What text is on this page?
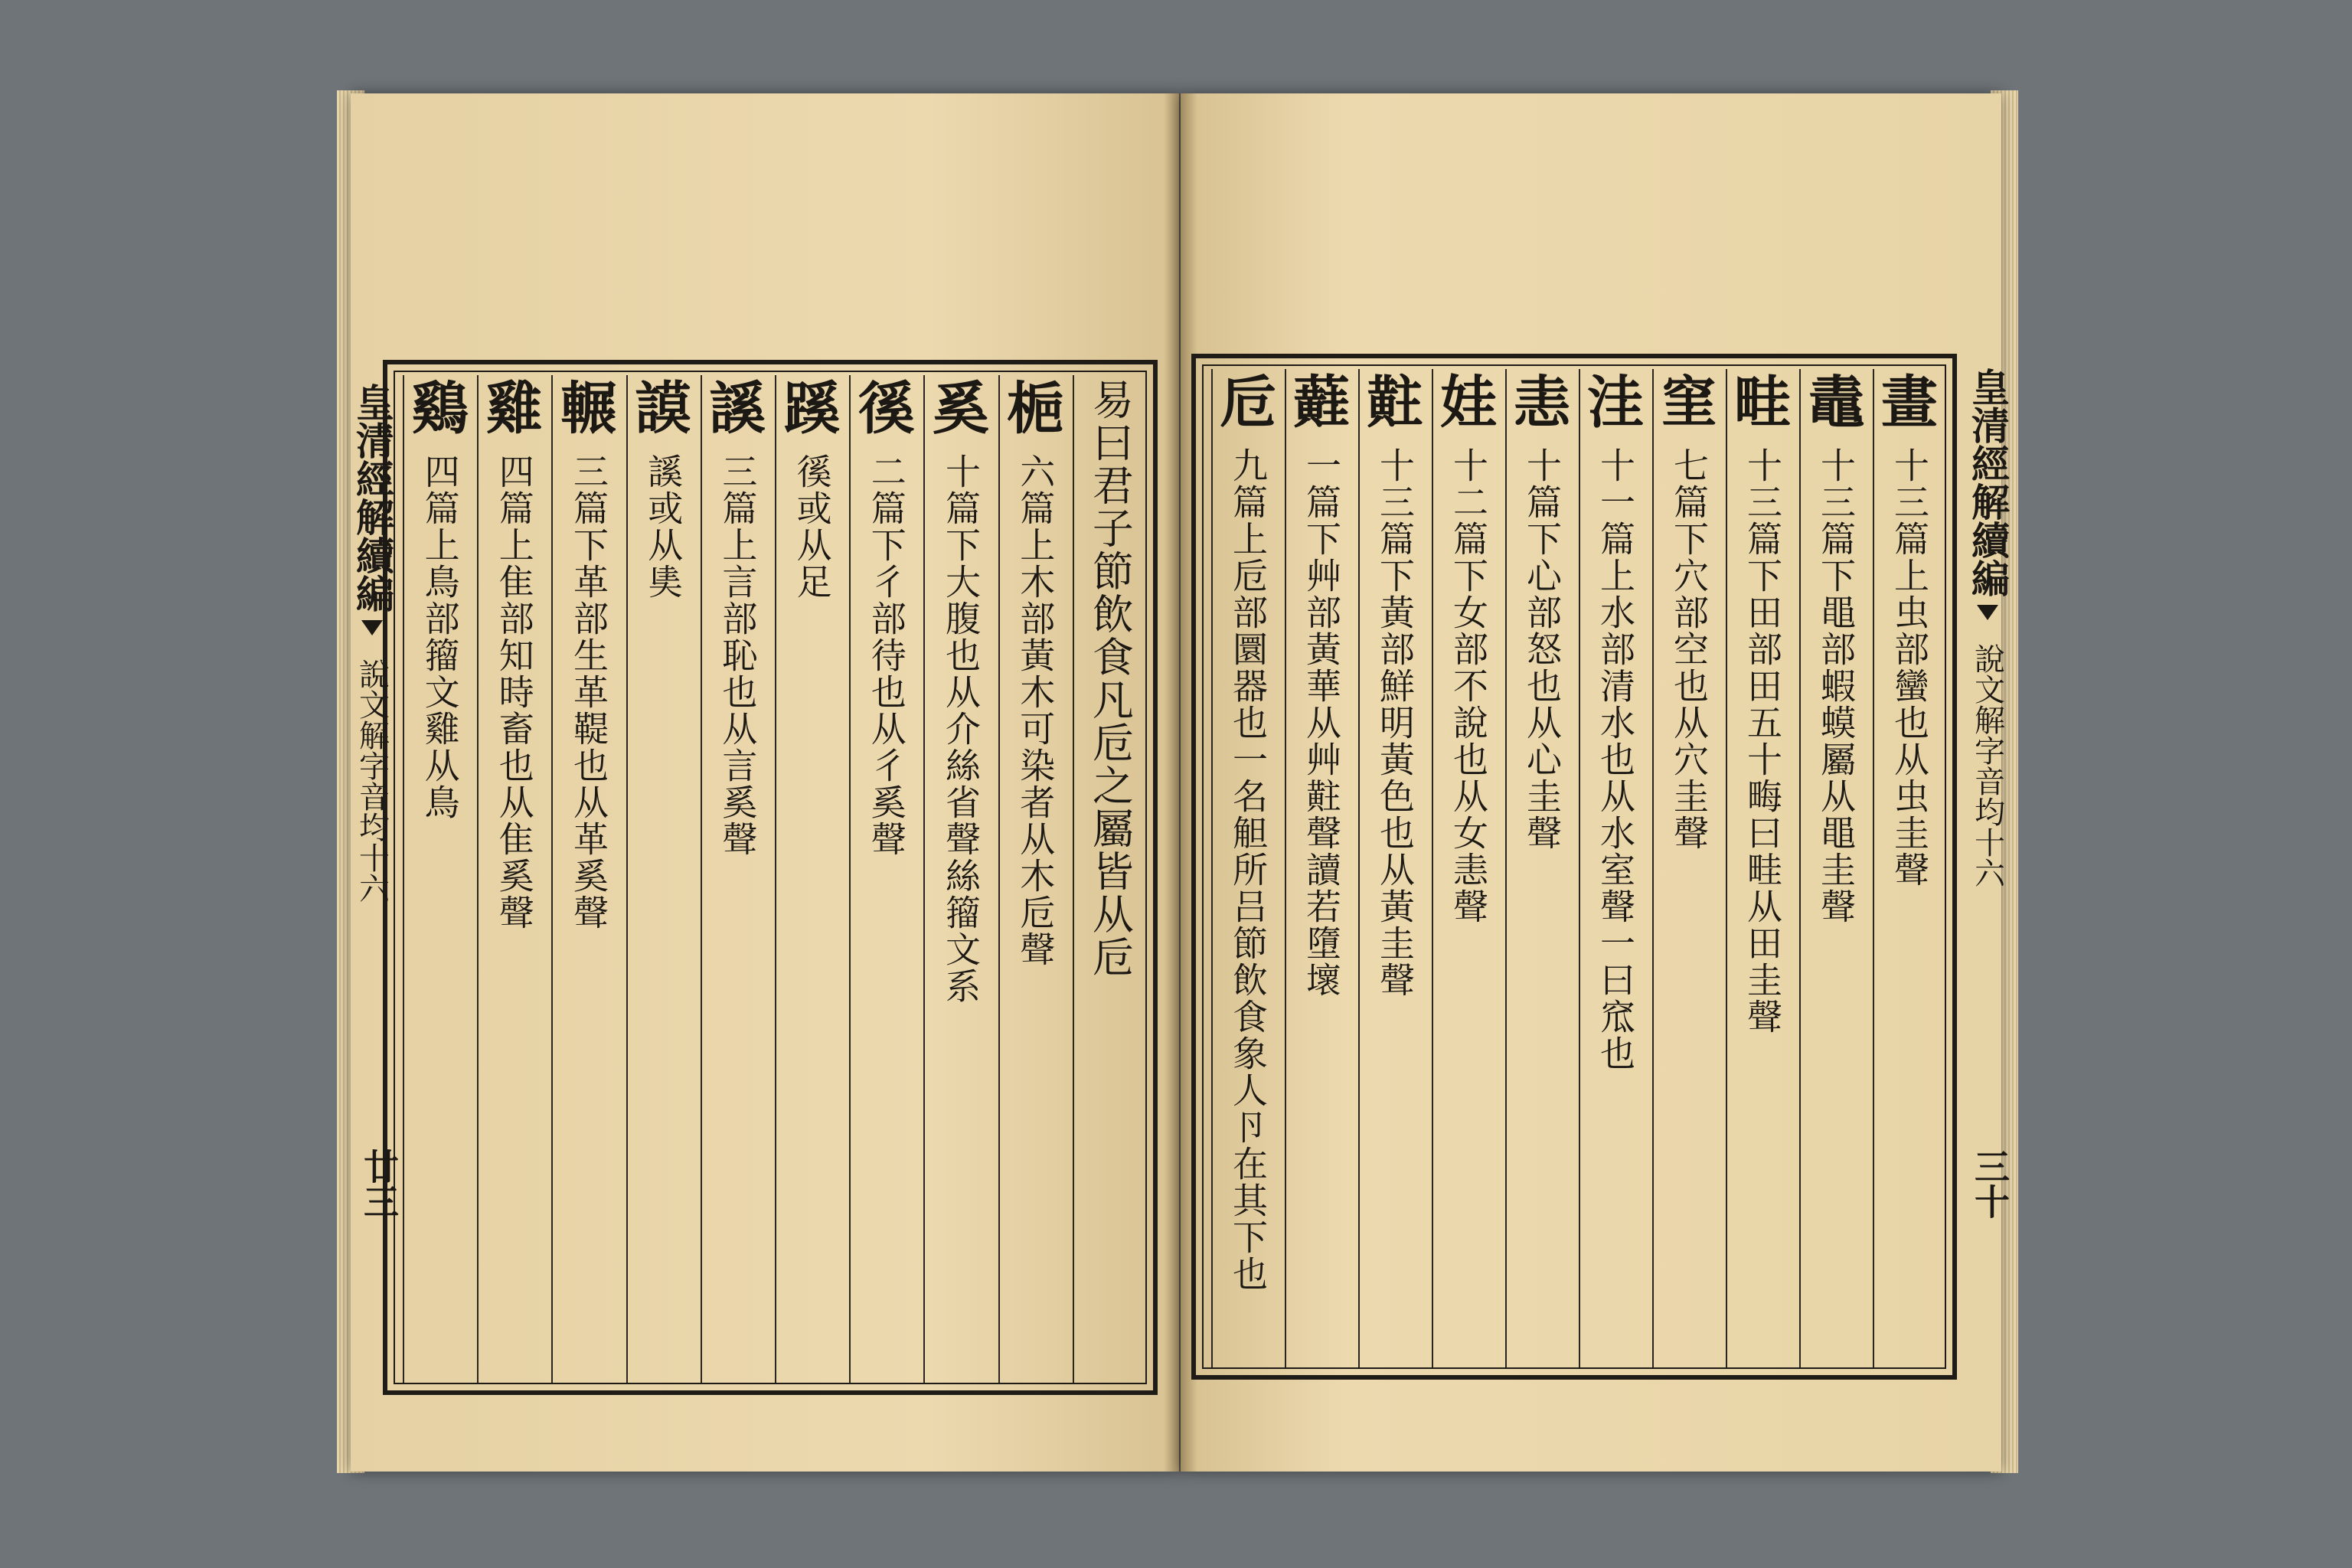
易曰君子節飲食凡卮之屬皆从卮
梔
六篇上木部黃木可染者从木卮聲
奚
十篇下大腹也从介絲省聲絲籀文系
徯
二篇下彳部待也从彳奚聲
蹊
徯或从足
謑
三篇上言部恥也从言奚聲
謨
謑或从奊
輾
三篇下革部生革鞮也从革奚聲
雞
四篇上隹部知時畜也从隹奚聲
鷄
四篇上鳥部籀文雞从鳥
皇清經解續編
說文解字音均十六
廿三
畫
十三篇上虫部蠻也从虫圭聲
鼃
十三篇下黽部蝦蟆屬从黽圭聲
畦
十三篇下田部田五十畮曰畦从田圭聲
窐
七篇下穴部空也从穴圭聲
洼
十一篇上水部清水也从水室聲一曰窊也
恚
十篇下心部怒也从心圭聲
娃
十二篇下女部不說也从女恚聲
黈
十三篇下黃部鮮明黃色也从黃圭聲
蘳
一篇下艸部黃華从艸黈聲讀若墮壞
卮
九篇上卮部圜器也一名觛所吕節飲食象人卪在其下也	皇清經解續編
說文解字音均十六
三十
